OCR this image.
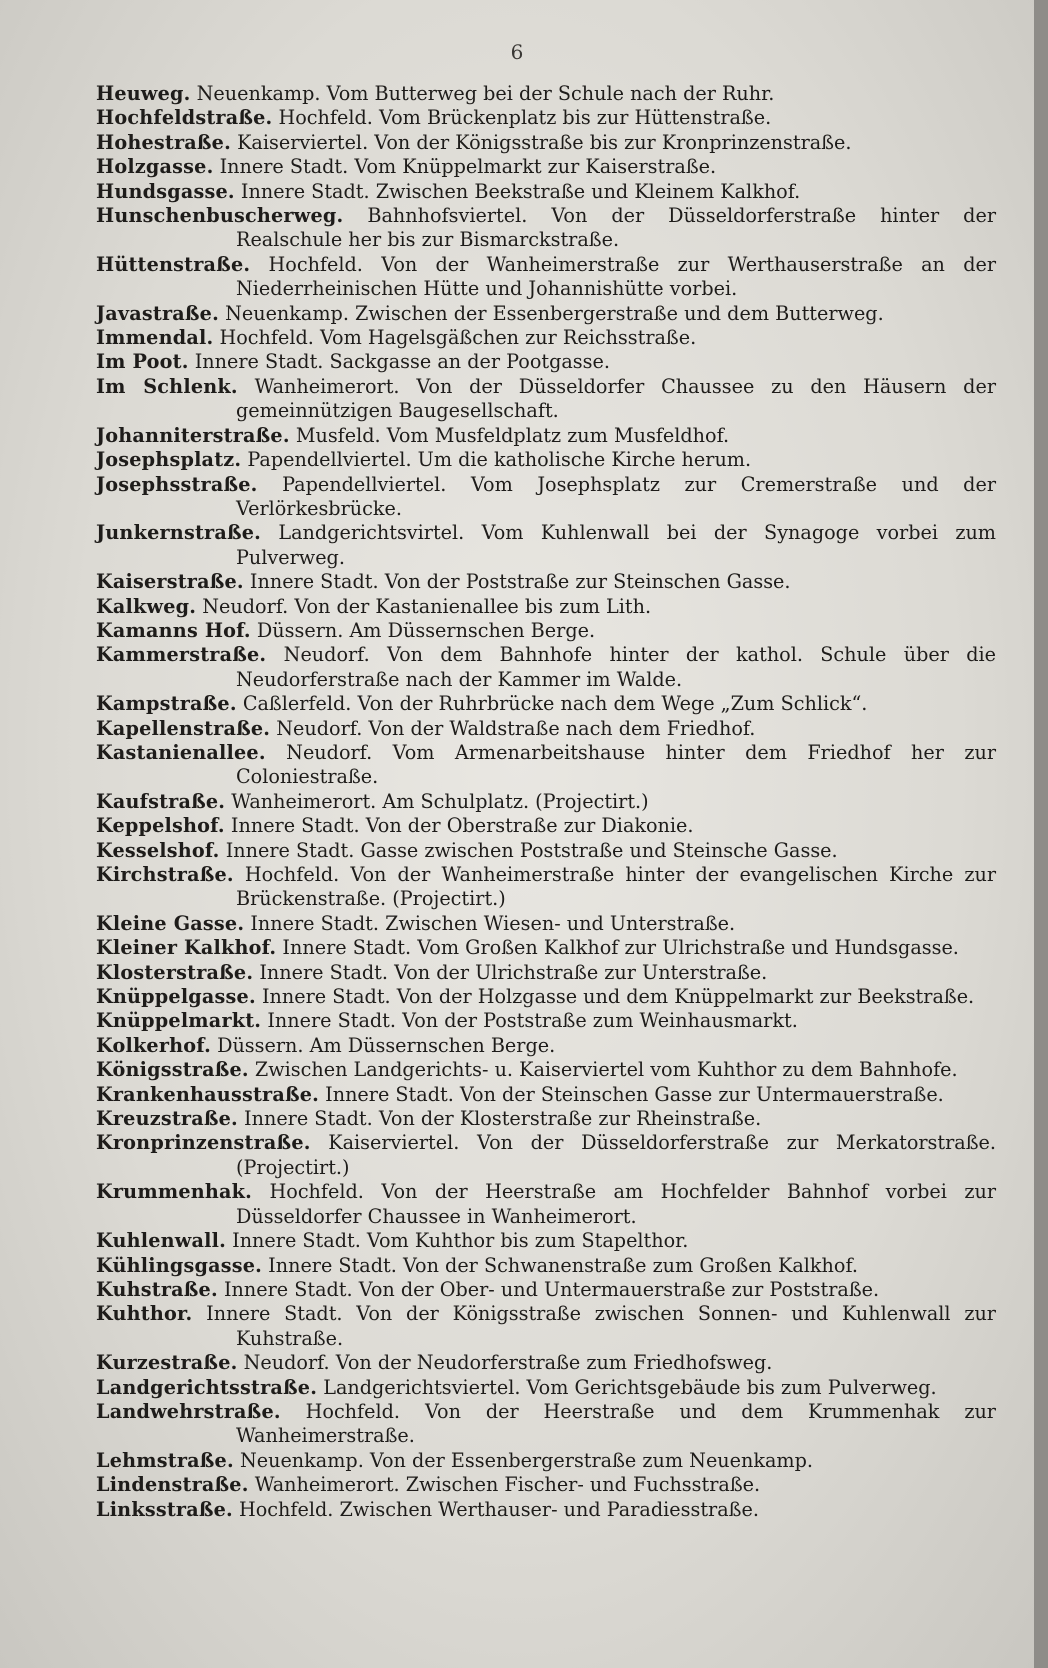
6

Heuweg. Neuenkamp. Vom Butterweg bei der Schule nach der Ruhr.

Hochfeldstraße. Hochfeld. Vom Brückenplatz bis zur Hüttenstraße.

Hohestraße. Kaiserviertel. Von der Königsstraße bis zur Kronprinzenstraße.

Holzgasse. Innere Stadt. Vom Knüppelmarkt zur Kaiserstraße.

Hundsgasse. Innere Stadt. Zwischen Beekstraße und Kleinem Kalkhof.

Hunschenbuscherweg. Bahnhofsviertel. Von der Düsseldorferstraße hinter der Realschule her bis zur Bismarckstraße.

Hüttenstraße. Hochfeld. Von der Wanheimerstraße zur Werthauserstraße an der Niederrheinischen Hütte und Johannishütte vorbei.

Javastraße. Neuenkamp. Zwischen der Essenbergerstraße und dem Butterweg.

Immendal. Hochfeld. Vom Hagelsgäßchen zur Reichsstraße.

Im Poot. Innere Stadt. Sackgasse an der Pootgasse.

Im Schlenk. Wanheimerort. Von der Düsseldorfer Chaussee zu den Häusern der gemeinnützigen Baugesellschaft.

Johanniterstraße. Musfeld. Vom Musfeldplatz zum Musfeldhof.

Josephsplatz. Papendellviertel. Um die katholische Kirche herum.

Josephsstraße. Papendellviertel. Vom Josephsplatz zur Cremerstraße und der Verlörkesbrücke.

Junkernstraße. Landgerichtsvirtel. Vom Kuhlenwall bei der Synagoge vorbei zum Pulverweg.

Kaiserstraße. Innere Stadt. Von der Poststraße zur Steinschen Gasse.

Kalkweg. Neudorf. Von der Kastanienallee bis zum Lith.

Kamanns Hof. Düssern. Am Düssernschen Berge.

Kammerstraße. Neudorf. Von dem Bahnhofe hinter der kathol. Schule über die Neudorferstraße nach der Kammer im Walde.

Kampstraße. Caßlerfeld. Von der Ruhrbrücke nach dem Wege „Zum Schlick“.

Kapellenstraße. Neudorf. Von der Waldstraße nach dem Friedhof.

Kastanienallee. Neudorf. Vom Armenarbeitshause hinter dem Friedhof her zur Coloniestraße.

Kaufstraße. Wanheimerort. Am Schulplatz. (Projectirt.)

Keppelshof. Innere Stadt. Von der Oberstraße zur Diakonie.

Kesselshof. Innere Stadt. Gasse zwischen Poststraße und Steinsche Gasse.

Kirchstraße. Hochfeld. Von der Wanheimerstraße hinter der evangelischen Kirche zur Brückenstraße. (Projectirt.)

Kleine Gasse. Innere Stadt. Zwischen Wiesen- und Unterstraße.

Kleiner Kalkhof. Innere Stadt. Vom Großen Kalkhof zur Ulrichstraße und Hundsgasse.

Klosterstraße. Innere Stadt. Von der Ulrichstraße zur Unterstraße.

Knüppelgasse. Innere Stadt. Von der Holzgasse und dem Knüppelmarkt zur Beekstraße.

Knüppelmarkt. Innere Stadt. Von der Poststraße zum Weinhausmarkt.

Kolkerhof. Düssern. Am Düssernschen Berge.

Königsstraße. Zwischen Landgerichts- u. Kaiserviertel vom Kuhthor zu dem Bahnhofe.

Krankenhausstraße. Innere Stadt. Von der Steinschen Gasse zur Untermauerstraße.

Kreuzstraße. Innere Stadt. Von der Klosterstraße zur Rheinstraße.

Kronprinzenstraße. Kaiserviertel. Von der Düsseldorferstraße zur Merkatorstraße. (Projectirt.)

Krummenhak. Hochfeld. Von der Heerstraße am Hochfelder Bahnhof vorbei zur Düsseldorfer Chaussee in Wanheimerort.

Kuhlenwall. Innere Stadt. Vom Kuhthor bis zum Stapelthor.

Kühlingsgasse. Innere Stadt. Von der Schwanenstraße zum Großen Kalkhof.

Kuhstraße. Innere Stadt. Von der Ober- und Untermauerstraße zur Poststraße.

Kuhthor. Innere Stadt. Von der Königsstraße zwischen Sonnen- und Kuhlenwall zur Kuhstraße.

Kurzestraße. Neudorf. Von der Neudorferstraße zum Friedhofsweg.

Landgerichtsstraße. Landgerichtsviertel. Vom Gerichtsgebäude bis zum Pulverweg.

Landwehrstraße. Hochfeld. Von der Heerstraße und dem Krummenhak zur Wanheimerstraße.

Lehmstraße. Neuenkamp. Von der Essenbergerstraße zum Neuenkamp.

Lindenstraße. Wanheimerort. Zwischen Fischer- und Fuchsstraße.

Linksstraße. Hochfeld. Zwischen Werthauser- und Paradiesstraße.
